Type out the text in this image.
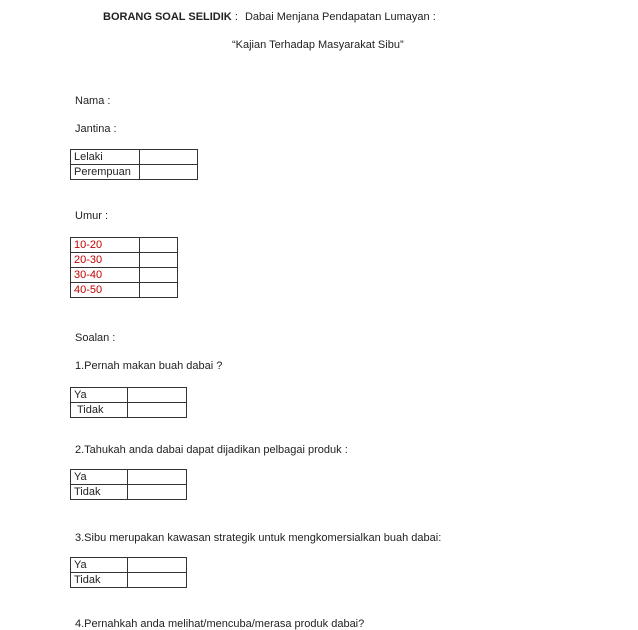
BORANG SOAL SELIDIK : Dabai Menjana Pendapatan Lumayan :
“Kajian Terhadap Masyarakat Sibu”
Nama :
Jantina :
Lelaki	
Perempuan	
Umur :
10-20	
20-30	
30-40	
40-50	
Soalan :
1.Pernah makan buah dabai ?
Ya	
Tidak	
2.Tahukah anda dabai dapat dijadikan pelbagai produk :
Ya	
Tidak	
3.Sibu merupakan kawasan strategik untuk mengkomersialkan buah dabai:
Ya	
Tidak	
4.Pernahkah anda melihat/mencuba/merasa produk dabai?
